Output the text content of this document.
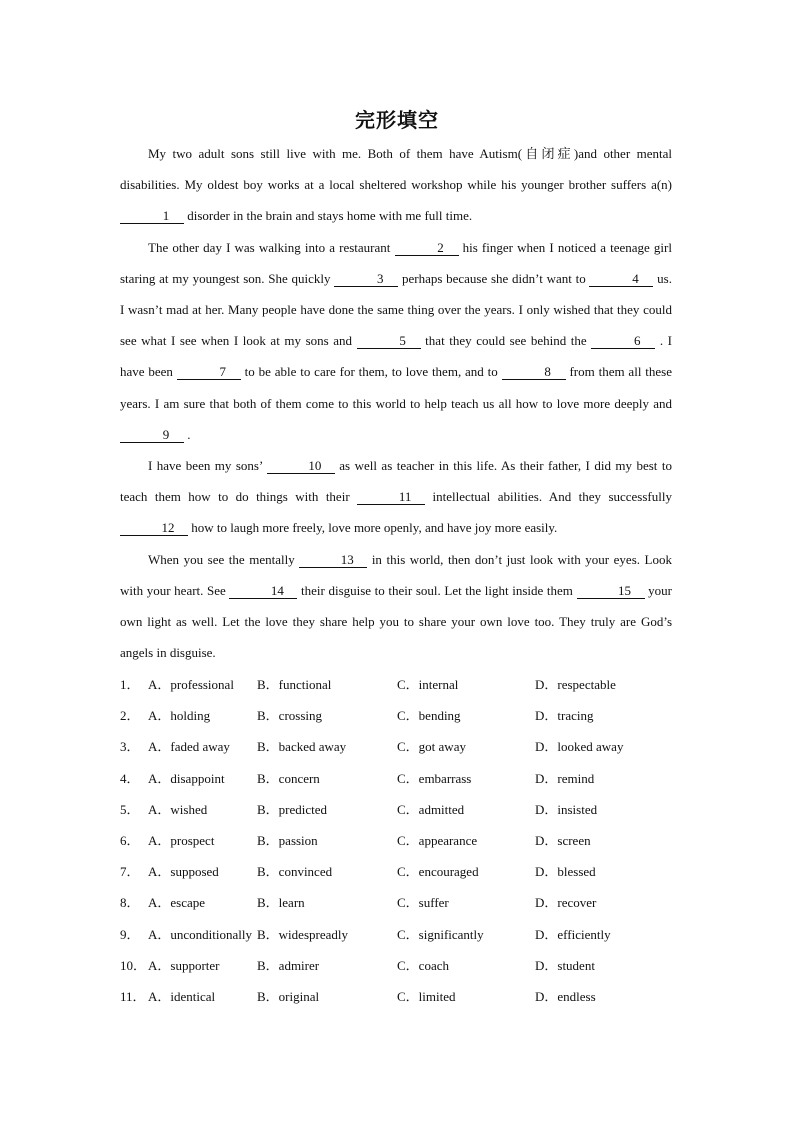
完形填空

My two adult sons still live with me. Both of them have Autism(自闭症)and other mental disabilities. My oldest boy works at a local sheltered workshop while his younger brother suffers a(n) 1 disorder in the brain and stays home with me full time.

The other day I was walking into a restaurant	2 his finger when I noticed a teenage girl staring at my youngest son. She quickly	3 perhaps because she didn’t want to	4 us. I wasn’t mad at her. Many people have done the same thing over the years. I only wished that they could see what I see when I look at my sons and	5 that they could see behind the	6 . I have been	7 to be able to care for them, to love them, and to	8 from them all these years. I am sure that both of them come to this world to help teach us all how to love more deeply and 9 .

I have been my sons’	10 as well as teacher in this life. As their father, I did my best to teach them how to do things with their	11 intellectual abilities. And they successfully 12 how to laugh more freely, love more openly, and have joy more easily.

When you see the mentally	13 in this world, then don’t just look with your eyes. Look with your heart. See	14 their disguise to their soul. Let the light inside them	15 your own light as well. Let the love they share help you to share your own love too. They truly are God’s angels in disguise.

1． A．professional B．functional	C．internal	D．respectable
2． A．holding	B．crossing	C．bending	D．tracing
3． A．faded away B．backed away	C．got away	D．looked away
4． A．disappoint B．concern	C．embarrass	D．remind
5． A．wished	B．predicted	C．admitted	D．insisted
6． A．prospect	B．passion	C．appearance	D．screen
7． A．supposed	B．convinced	C．encouraged	D．blessed
8． A．escape	B．learn	C．suffer	D．recover
9． A．unconditionally B．widespreadly	C．significantly	D．efficiently
10． A．supporter	B．admirer	C．coach	D．student
11． A．identical	B．original	C．limited	D．endless
